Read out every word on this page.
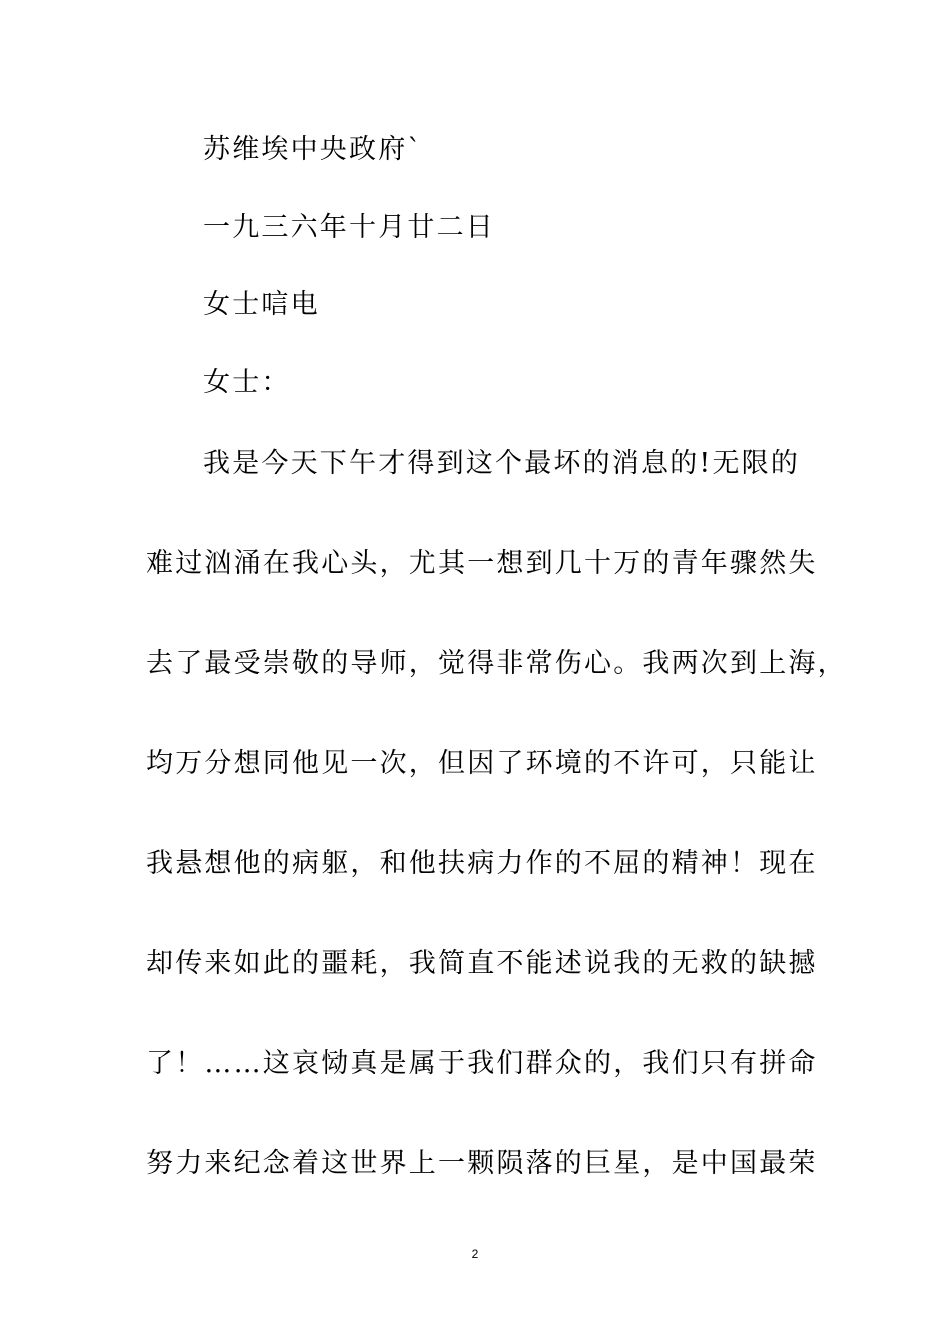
苏维埃中央政府`
一九三六年十月廿二日
女士唁电
女士：
我是今天下午才得到这个最坏的消息的!无限的
难过汹涌在我心头，尤其一想到几十万的青年骤然失
去了最受崇敬的导师，觉得非常伤心。我两次到上海，
均万分想同他见一次，但因了环境的不许可，只能让
我悬想他的病躯，和他扶病力作的不屈的精神！现在
却传来如此的噩耗，我简直不能述说我的无救的缺撼
了！……这哀恸真是属于我们群众的，我们只有拼命
努力来纪念着这世界上一颗陨落的巨星，是中国最荣
2
